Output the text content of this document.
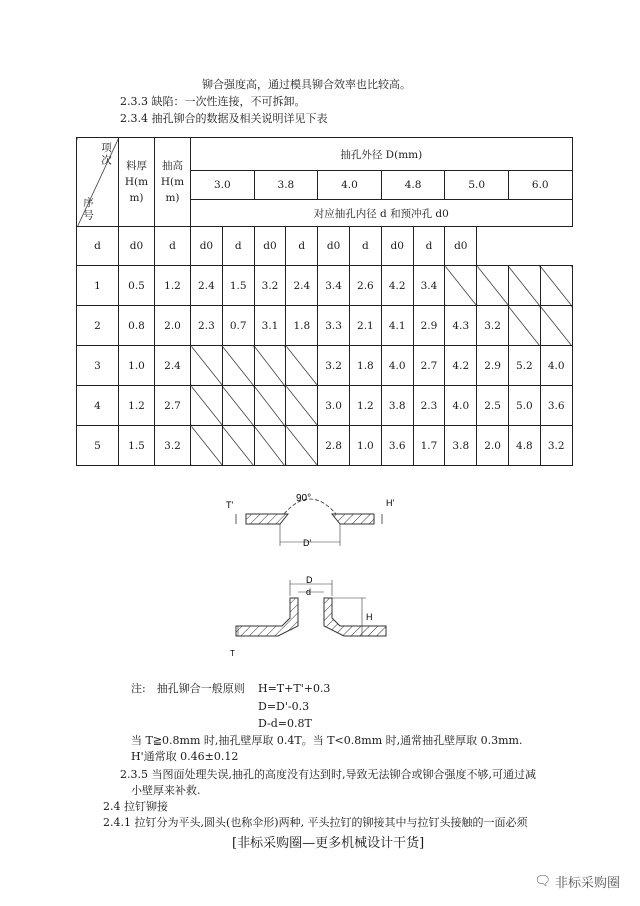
铆合强度高，通过模具铆合效率也比较高。
2.3.3 缺陷：一次性连接，不可拆卸。
2.3.4 抽孔铆合的数据及相关说明详见下表
项次
序号	料厚H(mm)	抽高H(mm)	抽孔外径 D(mm)											
			3.0		3.8		4.0		4.8		5.0		6.0	
			对应抽孔内径 d 和预冲孔 d0											
d	d0	d	d0	d	d0	d	d0	d	d0	d	d0			
1	0.5	1.2	2.4	1.5	3.2	2.4	3.4	2.6	4.2	3.4				
2	0.8	2.0	2.3	0.7	3.1	1.8	3.3	2.1	4.1	2.9	4.3	3.2		
3	1.0	2.4					3.2	1.8	4.0	2.7	4.2	2.9	5.2	4.0
4	1.2	2.7					3.0	1.2	3.8	2.3	4.0	2.5	5.0	3.6
5	1.5	3.2					2.8	1.0	3.6	1.7	3.8	2.0	4.8	3.2
90°
T'	H'
D'
D
d
H
T
注:　抽孔铆合一般原则 H=T+T'+0.3
D=D'-0.3
D-d=0.8T
当 T≧0.8mm 时,抽孔壁厚取 0.4T。当 T<0.8mm 时,通常抽孔壁厚取 0.3mm.
H'通常取 0.46±0.12
2.3.5 当图面处理失误,抽孔的高度没有达到时,导致无法铆合或铆合强度不够,可通过减
小壁厚来补救.
2.4 拉钉铆接
2.4.1 拉钉分为平头,圆头(也称伞形)两种, 平头拉钉的铆接其中与拉钉头接触的一面必须
[非标采购圈—更多机械设计干货]
🗨 非标采购圈
